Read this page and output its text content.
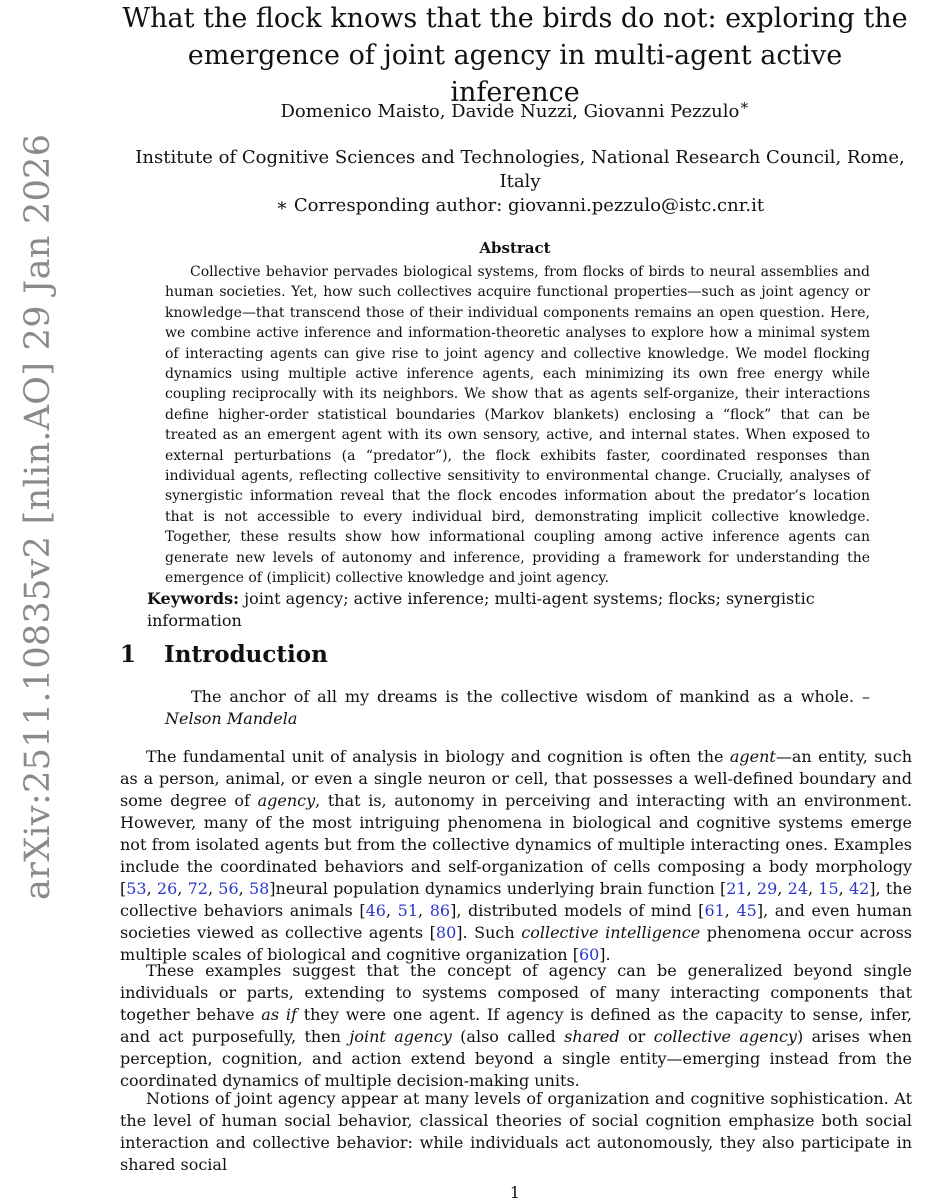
arXiv:2511.10835v2 [nlin.AO] 29 Jan 2026
What the flock knows that the birds do not: exploring the emergence of joint agency in multi-agent active inference
Domenico Maisto, Davide Nuzzi, Giovanni Pezzulo∗
Institute of Cognitive Sciences and Technologies, National Research Council, Rome, Italy
∗ Corresponding author: giovanni.pezzulo@istc.cnr.it
Abstract

Collective behavior pervades biological systems, from flocks of birds to neural assemblies and human societies. Yet, how such collectives acquire functional properties—such as joint agency or knowledge—that transcend those of their individual components remains an open question. Here, we combine active inference and information-theoretic analyses to explore how a minimal system of interacting agents can give rise to joint agency and collective knowledge. We model flocking dynamics using multiple active inference agents, each minimizing its own free energy while coupling reciprocally with its neighbors. We show that as agents self-organize, their interactions define higher-order statistical boundaries (Markov blankets) enclosing a “flock” that can be treated as an emergent agent with its own sensory, active, and internal states. When exposed to external perturbations (a “predator”), the flock exhibits faster, coordinated responses than individual agents, reflecting collective sensitivity to environmental change. Crucially, analyses of synergistic information reveal that the flock encodes information about the predator’s location that is not accessible to every individual bird, demonstrating implicit collective knowledge. Together, these results show how informational coupling among active inference agents can generate new levels of autonomy and inference, providing a framework for understanding the emergence of (implicit) collective knowledge and joint agency.

Keywords: joint agency; active inference; multi-agent systems; flocks; synergistic information
1 Introduction

The anchor of all my dreams is the collective wisdom of mankind as a whole. – Nelson Mandela

The fundamental unit of analysis in biology and cognition is often the agent—an entity, such as a person, animal, or even a single neuron or cell, that possesses a well-defined boundary and some degree of agency, that is, autonomy in perceiving and interacting with an environment. However, many of the most intriguing phenomena in biological and cognitive systems emerge not from isolated agents but from the collective dynamics of multiple interacting ones. Examples include the coordinated behaviors and self-organization of cells composing a body morphology [53, 26, 72, 56, 58]neural population dynamics underlying brain function [21, 29, 24, 15, 42], the collective behaviors animals [46, 51, 86], distributed models of mind [61, 45], and even human societies viewed as collective agents [80]. Such collective intelligence phenomena occur across multiple scales of biological and cognitive organization [60].

These examples suggest that the concept of agency can be generalized beyond single individuals or parts, extending to systems composed of many interacting components that together behave as if they were one agent. If agency is defined as the capacity to sense, infer, and act purposefully, then joint agency (also called shared or collective agency) arises when perception, cognition, and action extend beyond a single entity—emerging instead from the coordinated dynamics of multiple decision-making units.

Notions of joint agency appear at many levels of organization and cognitive sophistication. At the level of human social behavior, classical theories of social cognition emphasize both social interaction and collective behavior: while individuals act autonomously, they also participate in shared social

1
